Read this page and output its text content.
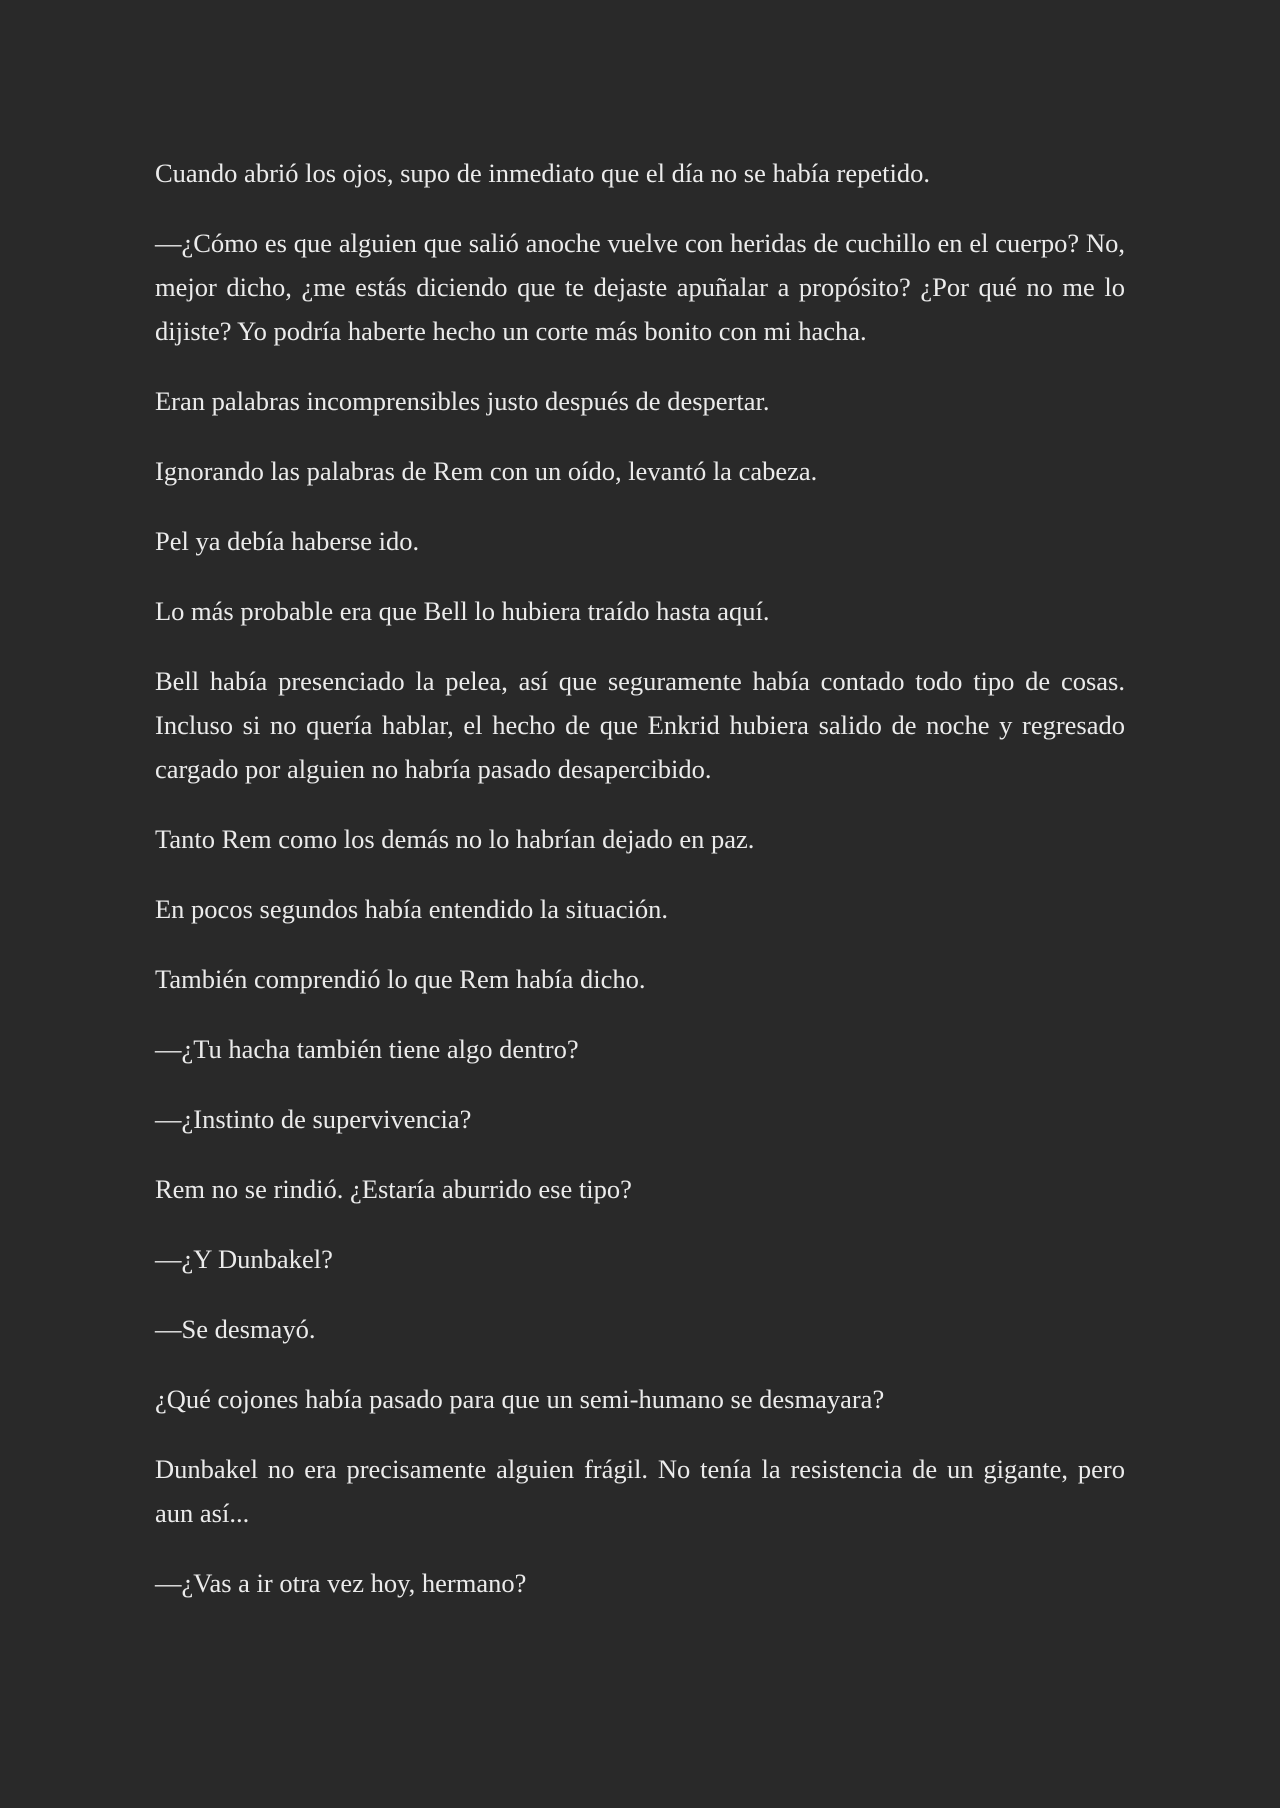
Cuando abrió los ojos, supo de inmediato que el día no se había repetido.

—¿Cómo es que alguien que salió anoche vuelve con heridas de cuchillo en el cuerpo? No, mejor dicho, ¿me estás diciendo que te dejaste apuñalar a propósito? ¿Por qué no me lo dijiste? Yo podría haberte hecho un corte más bonito con mi hacha.

Eran palabras incomprensibles justo después de despertar.

Ignorando las palabras de Rem con un oído, levantó la cabeza.

Pel ya debía haberse ido.

Lo más probable era que Bell lo hubiera traído hasta aquí.

Bell había presenciado la pelea, así que seguramente había contado todo tipo de cosas. Incluso si no quería hablar, el hecho de que Enkrid hubiera salido de noche y regresado cargado por alguien no habría pasado desapercibido.

Tanto Rem como los demás no lo habrían dejado en paz.

En pocos segundos había entendido la situación.

También comprendió lo que Rem había dicho.

—¿Tu hacha también tiene algo dentro?

—¿Instinto de supervivencia?

Rem no se rindió. ¿Estaría aburrido ese tipo?

—¿Y Dunbakel?

—Se desmayó.

¿Qué cojones había pasado para que un semi-humano se desmayara?

Dunbakel no era precisamente alguien frágil. No tenía la resistencia de un gigante, pero aun así...

—¿Vas a ir otra vez hoy, hermano?
